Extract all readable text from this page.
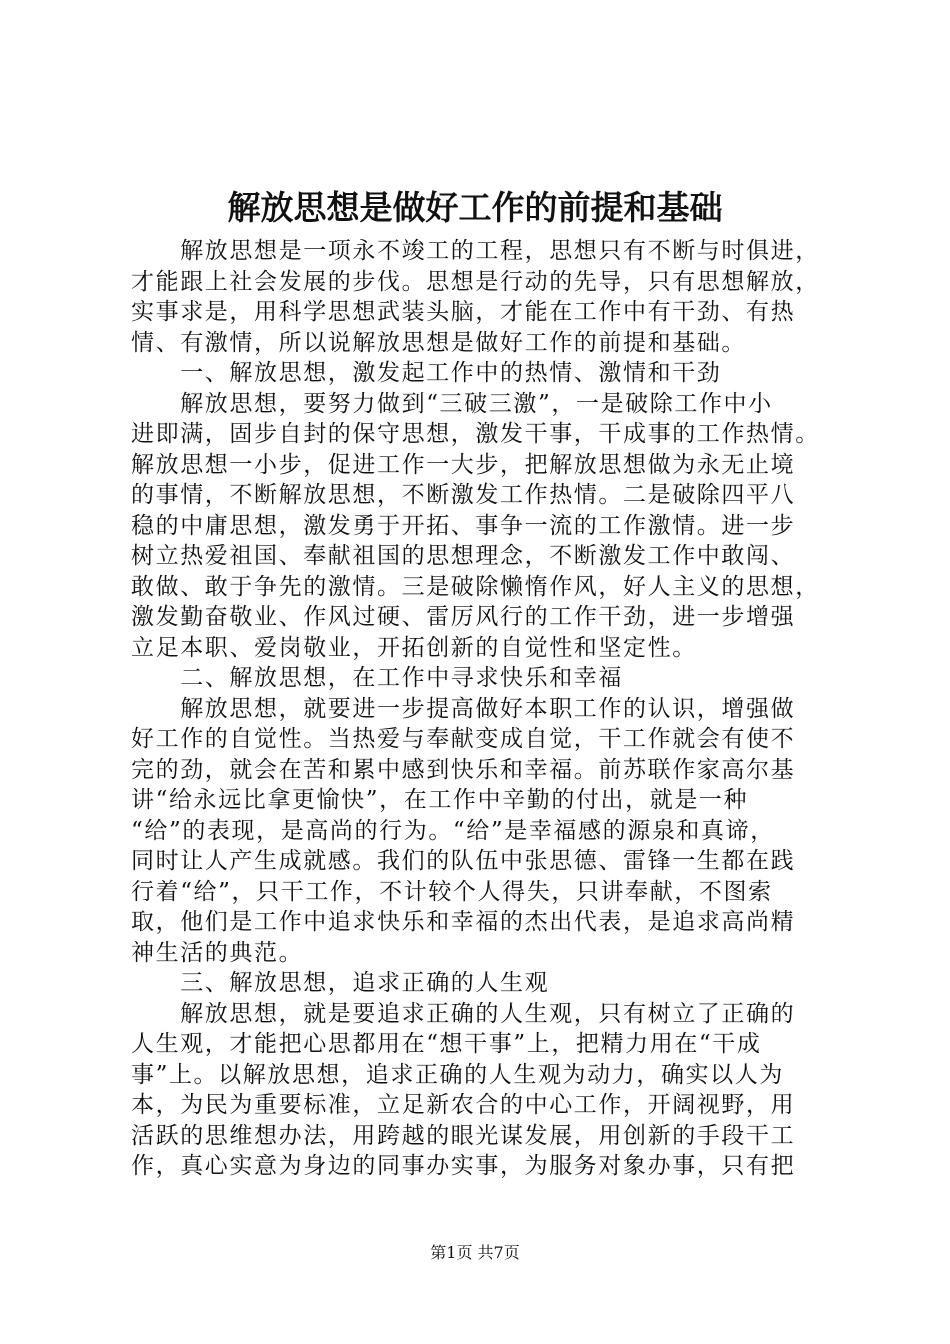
解放思想是做好工作的前提和基础
　　解放思想是一项永不竣工的工程，思想只有不断与时俱进，
才能跟上社会发展的步伐。思想是行动的先导，只有思想解放，
实事求是，用科学思想武装头脑，才能在工作中有干劲、有热
情、有激情，所以说解放思想是做好工作的前提和基础。
　　一、解放思想，激发起工作中的热情、激情和干劲
　　解放思想，要努力做到“三破三激”，一是破除工作中小
进即满，固步自封的保守思想，激发干事，干成事的工作热情。
解放思想一小步，促进工作一大步，把解放思想做为永无止境
的事情，不断解放思想，不断激发工作热情。二是破除四平八
稳的中庸思想，激发勇于开拓、事争一流的工作激情。进一步
树立热爱祖国、奉献祖国的思想理念，不断激发工作中敢闯、
敢做、敢于争先的激情。三是破除懒惰作风，好人主义的思想，
激发勤奋敬业、作风过硬、雷厉风行的工作干劲，进一步增强
立足本职、爱岗敬业，开拓创新的自觉性和坚定性。
　　二、解放思想，在工作中寻求快乐和幸福
　　解放思想，就要进一步提高做好本职工作的认识，增强做
好工作的自觉性。当热爱与奉献变成自觉，干工作就会有使不
完的劲，就会在苦和累中感到快乐和幸福。前苏联作家高尔基
讲“给永远比拿更愉快”，在工作中辛勤的付出，就是一种
“给”的表现，是高尚的行为。“给”是幸福感的源泉和真谛，
同时让人产生成就感。我们的队伍中张思德、雷锋一生都在践
行着“给”，只干工作，不计较个人得失，只讲奉献，不图索
取，他们是工作中追求快乐和幸福的杰出代表，是追求高尚精
神生活的典范。
　　三、解放思想，追求正确的人生观
　　解放思想，就是要追求正确的人生观，只有树立了正确的
人生观，才能把心思都用在“想干事”上，把精力用在“干成
事”上。以解放思想，追求正确的人生观为动力，确实以人为
本，为民为重要标准，立足新农合的中心工作，开阔视野，用
活跃的思维想办法，用跨越的眼光谋发展，用创新的手段干工
作，真心实意为身边的同事办实事，为服务对象办事，只有把
第1页 共7页
